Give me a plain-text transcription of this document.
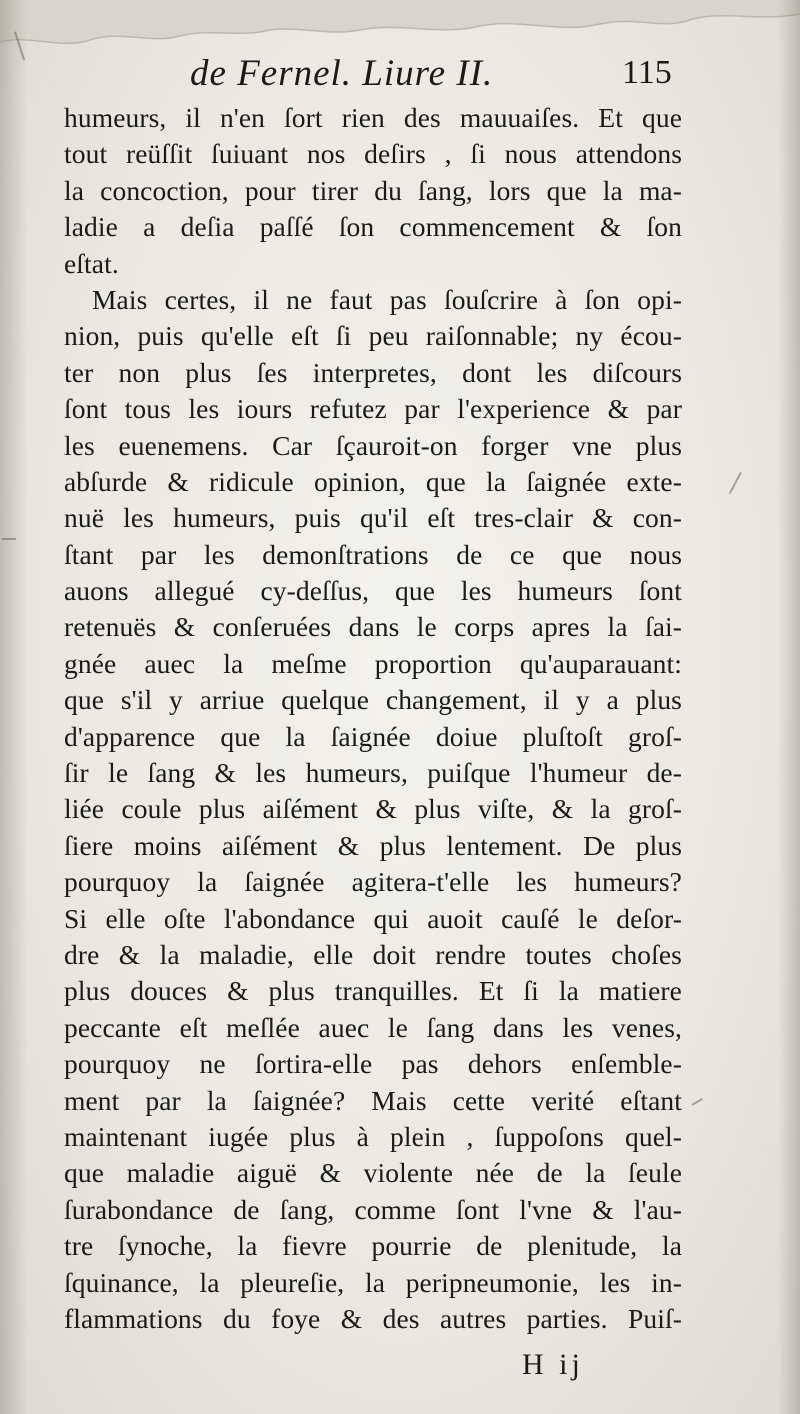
de Fernel. Liure II.	115
humeurs, il n'en ſort rien des mauuaiſes. Et que
tout reüſſit ſuiuant nos deſirs , ſi nous attendons
la concoction, pour tirer du ſang, lors que la ma-
ladie a deſia paſſé ſon commencement & ſon
eſtat.
Mais certes, il ne faut pas ſouſcrire à ſon opi-
nion, puis qu'elle eſt ſi peu raiſonnable; ny écou-
ter non plus ſes interpretes, dont les diſcours
ſont tous les iours refutez par l'experience & par
les euenemens. Car ſçauroit-on forger vne plus
abſurde & ridicule opinion, que la ſaignée exte-
nuë les humeurs, puis qu'il eſt tres-clair & con-
ſtant par les demonſtrations de ce que nous
auons allegué cy-deſſus, que les humeurs ſont
retenuës & conſeruées dans le corps apres la ſai-
gnée auec la meſme proportion qu'auparauant:
que s'il y arriue quelque changement, il y a plus
d'apparence que la ſaignée doiue pluſtoſt groſ-
ſir le ſang & les humeurs, puiſque l'humeur de-
liée coule plus aiſément & plus viſte, & la groſ-
ſiere moins aiſément & plus lentement. De plus
pourquoy la ſaignée agitera-t'elle les humeurs?
Si elle oſte l'abondance qui auoit cauſé le deſor-
dre & la maladie, elle doit rendre toutes choſes
plus douces & plus tranquilles. Et ſi la matiere
peccante eſt meſlée auec le ſang dans les venes,
pourquoy ne ſortira-elle pas dehors enſemble-
ment par la ſaignée? Mais cette verité eſtant
maintenant iugée plus à plein , ſuppoſons quel-
que maladie aiguë & violente née de la ſeule
ſurabondance de ſang, comme ſont l'vne & l'au-
tre ſynoche, la fievre pourrie de plenitude, la
ſquinance, la pleureſie, la peripneumonie, les in-
flammations du foye & des autres parties. Puiſ-
H ij
